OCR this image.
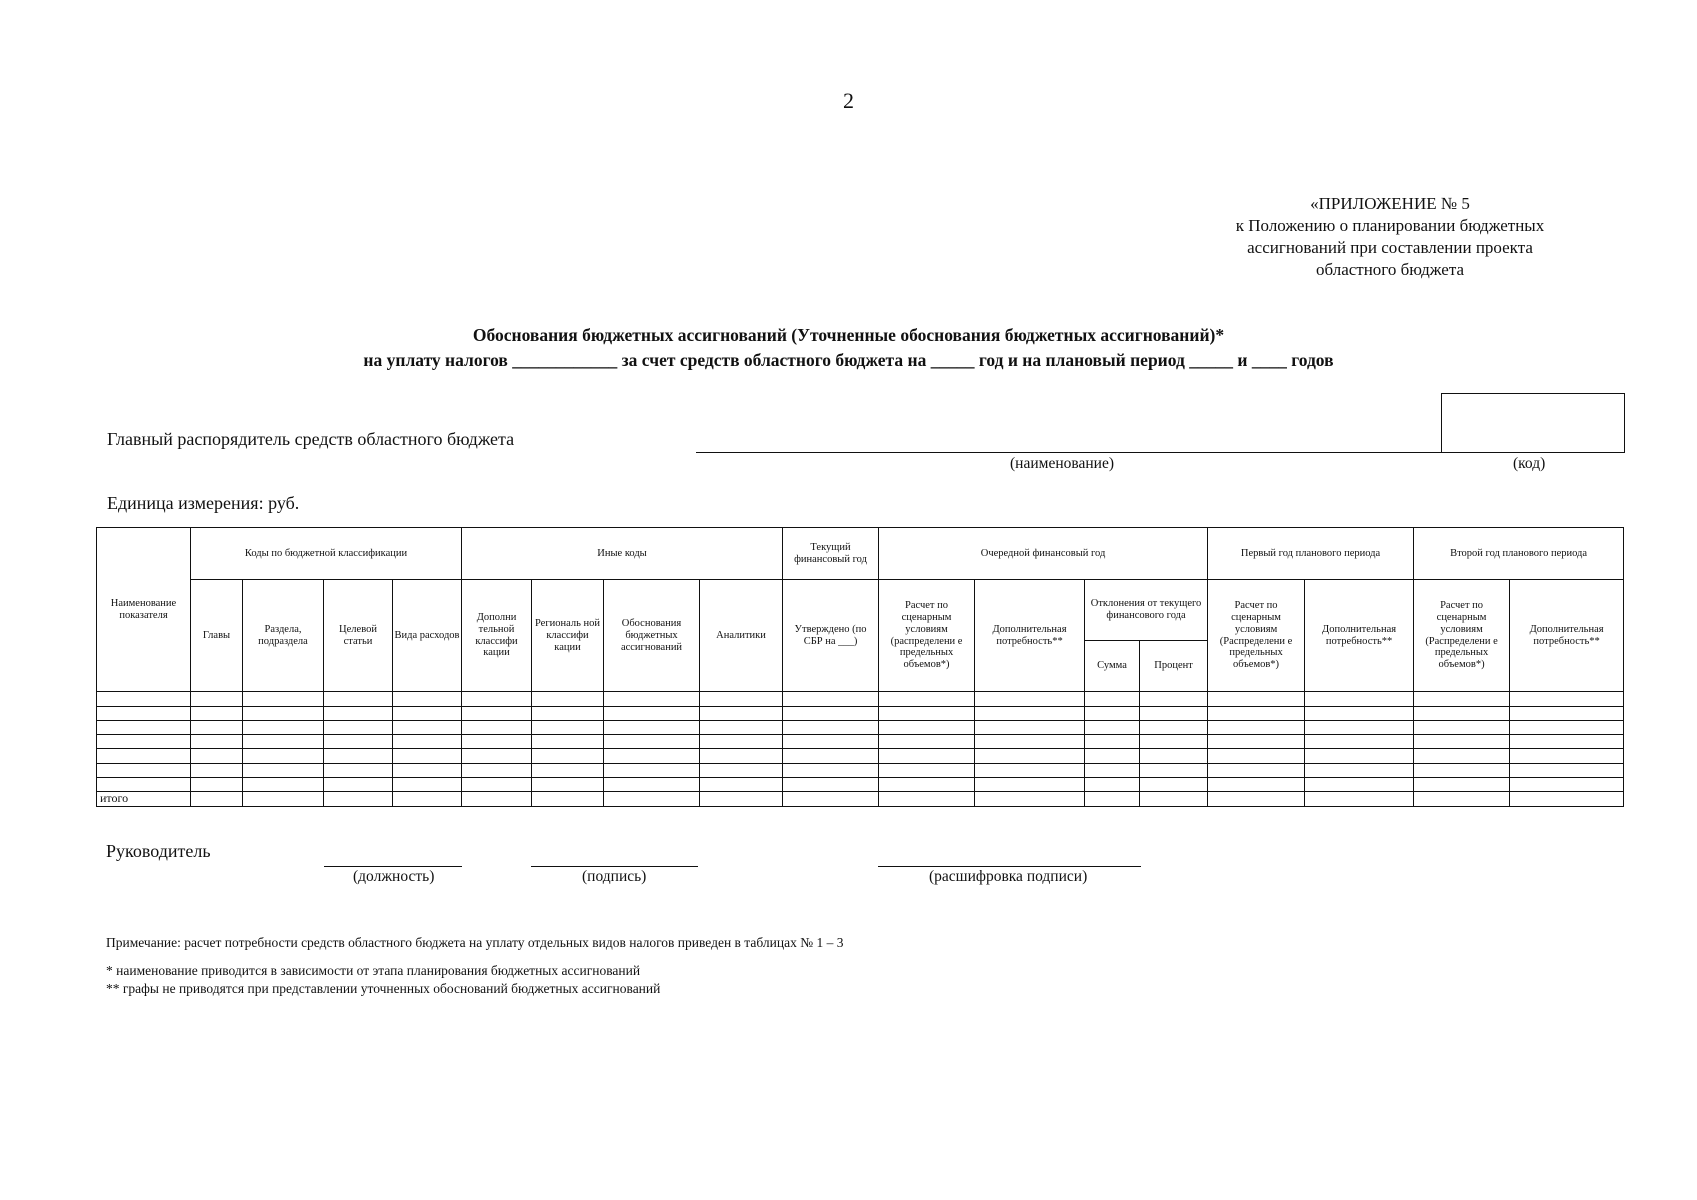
2
«ПРИЛОЖЕНИЕ № 5
к Положению о планировании бюджетных
ассигнований при составлении проекта
областного бюджета
Обоснования бюджетных ассигнований (Уточненные обоснования бюджетных ассигнований)*
на уплату налогов ____________ за счет средств областного бюджета на _____ год и на плановый период _____ и ____ годов
Главный распорядитель средств областного бюджета
(наименование)	(код)
Единица измерения: руб.
Наименование показателя	Коды по бюджетной классификации				Иные коды				Текущий финансовый год	Очередной финансовый год				Первый год планового периода		Второй год планового периода	
	Главы	Раздела, подраздела	Целевой статьи	Вида расходов	Дополни тельной классифи кации	Региональ ной классифи кации	Обоснования бюджетных ассигнований	Аналитики	Утверждено (по СБР на ___)	Расчет по сценарным условиям (распределени е предельных объемов*)	Дополнительная потребность**	Отклонения от текущего финансового года		Расчет по сценарным условиям (Распределени е предельных объемов*)	Дополнительная потребность**	Расчет по сценарным условиям (Распределени е предельных объемов*)	Дополнительная потребность**
												Сумма	Процент				

итого																	
Руководитель
(должность)	(подпись)	(расшифровка подписи)
Примечание: расчет потребности средств областного бюджета на уплату отдельных видов налогов приведен в таблицах № 1 – 3
* наименование приводится в зависимости от этапа планирования бюджетных ассигнований
** графы не приводятся при представлении уточненных обоснований бюджетных ассигнований
